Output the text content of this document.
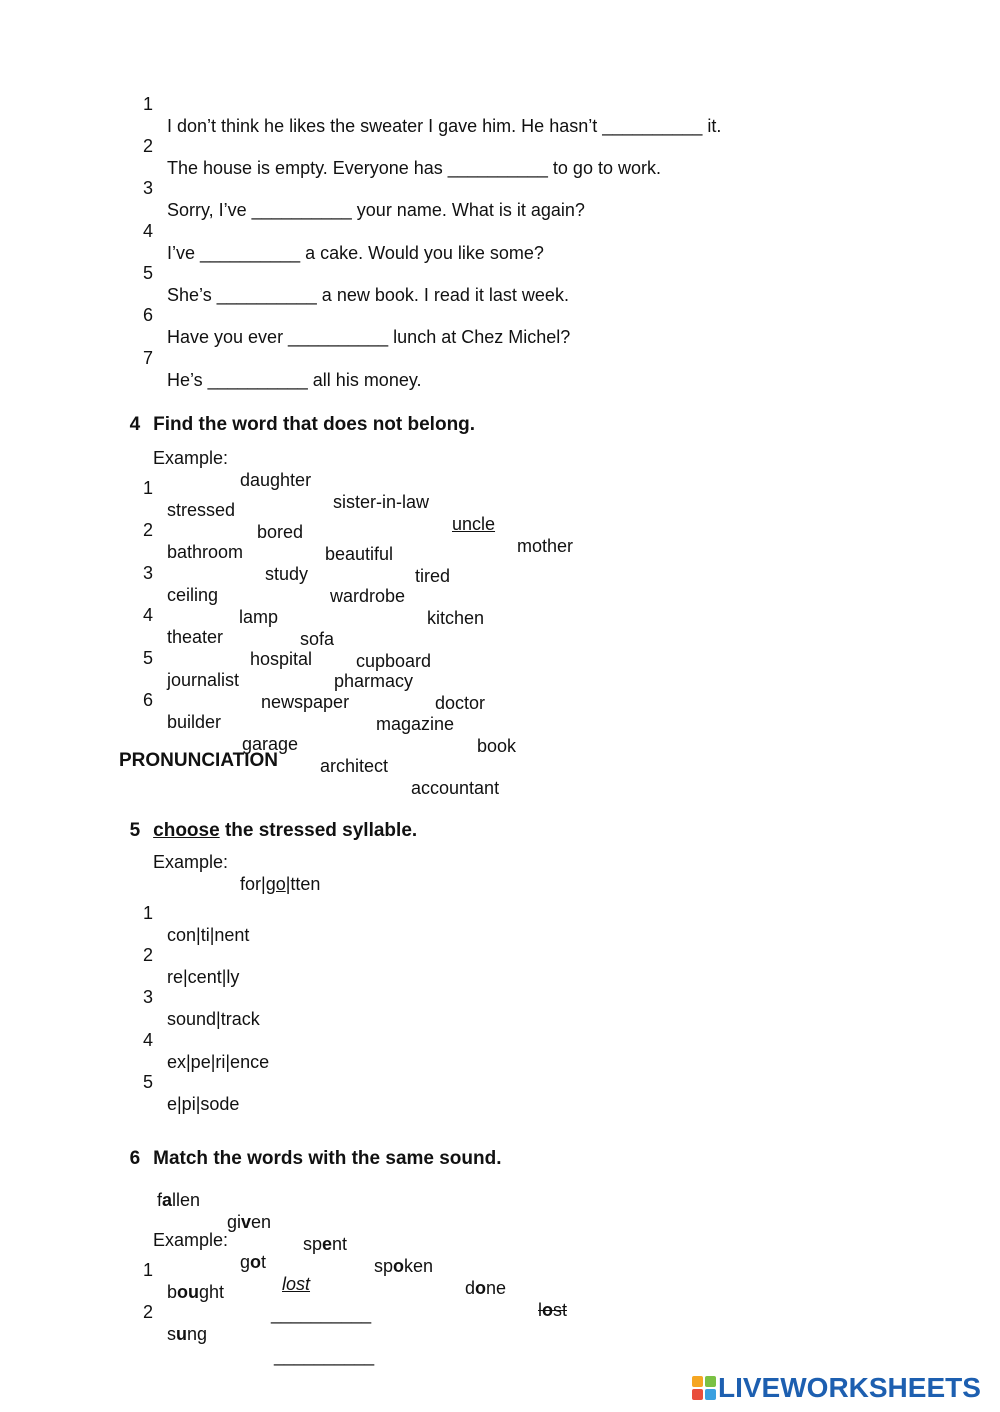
1

I don’t think he likes the sweater I gave him. He hasn’t __________ it.

2

The house is empty. Everyone has __________ to go to work.

3

Sorry, I’ve __________ your name. What is it again?

4

I’ve __________ a cake. Would you like some?

5

She’s __________ a new book. I read it last week.

6

Have you ever __________ lunch at Chez Michel?

7

He’s __________ all his money.

4 Find the word that does not belong.

Example:

daughter

sister-in-law

uncle

mother

1

stressed

bored

beautiful

tired

2

bathroom

study

wardrobe

kitchen

3

ceiling

lamp

sofa

cupboard

4

theater

hospital

pharmacy

doctor

5

journalist

newspaper

magazine

book

6

builder

garage

architect

accountant

PRONUNCIATION

5 choose the stressed syllable.

Example:

for|go|tten

1

con|ti|nent

2

re|cent|ly

3

sound|track

4

ex|pe|ri|ence

5

e|pi|sode

6 Match the words with the same sound.

fallen

given

spent

spoken

done

lost

Example:

got

lost

1

bought

__________

2

sung

__________

LIVEWORKSHEETS
